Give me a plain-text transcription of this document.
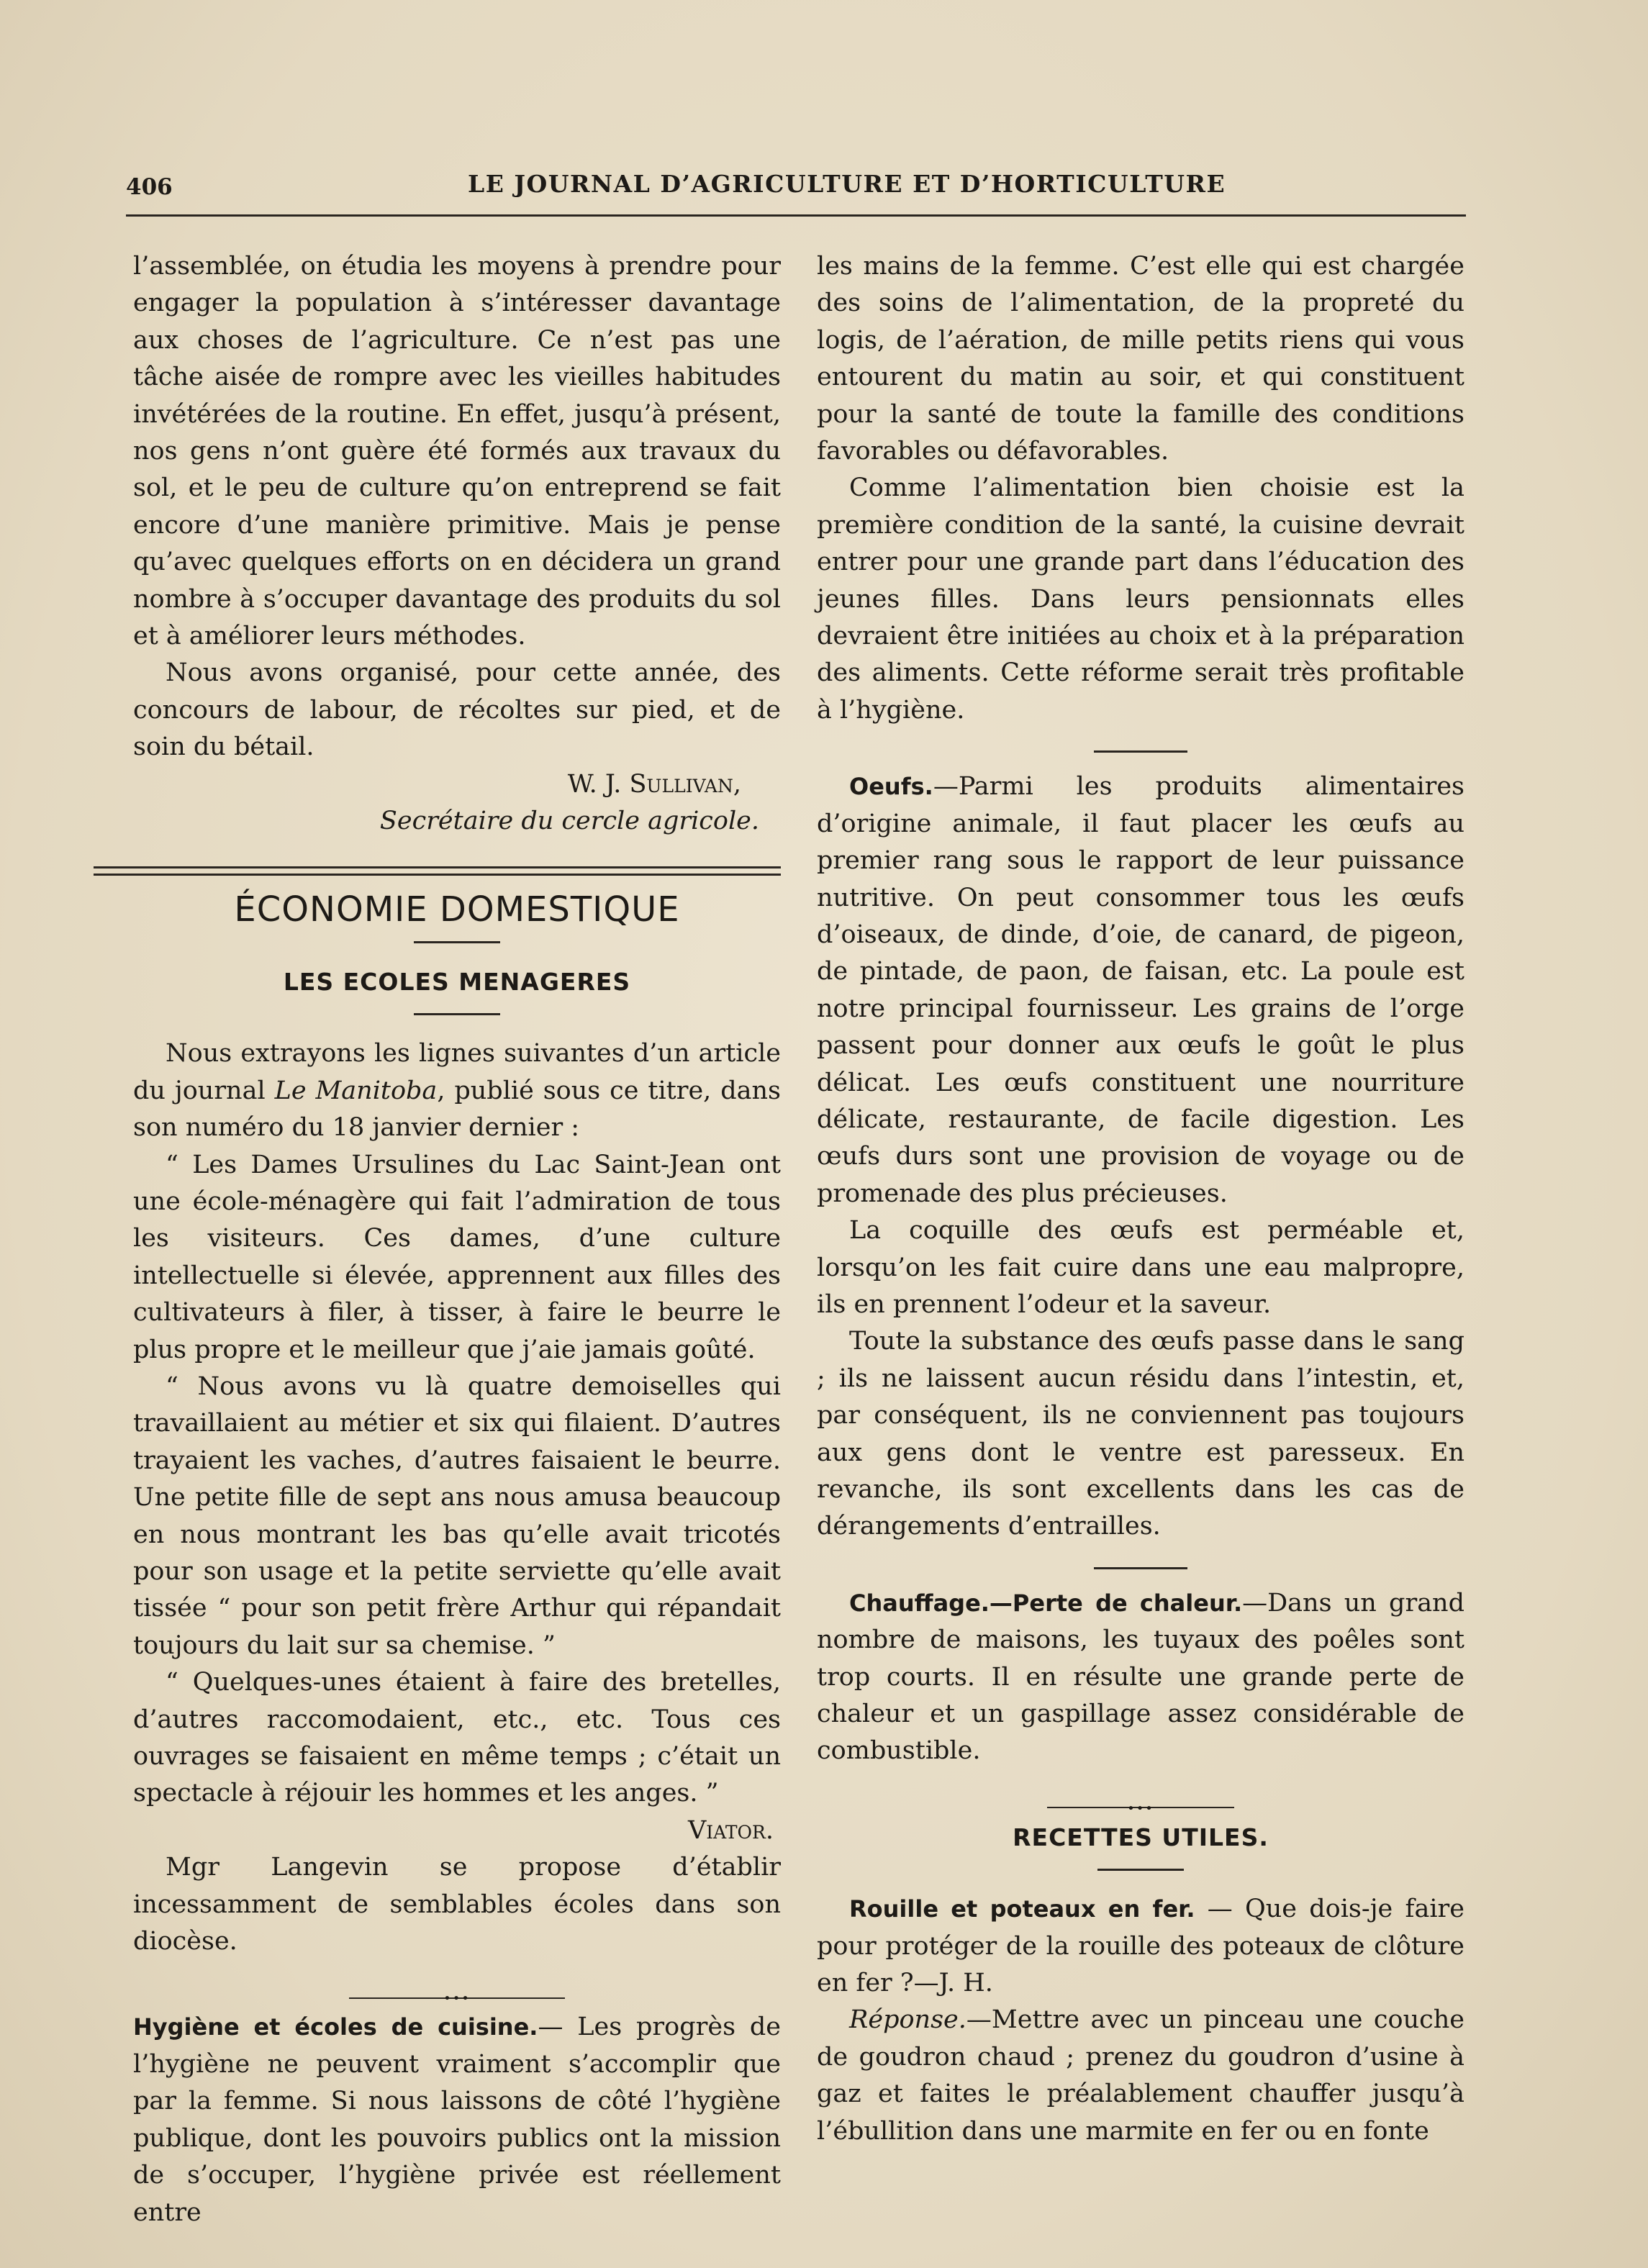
406	LE JOURNAL D’AGRICULTURE ET D’HORTICULTURE

l’assemblée, on étudia les moyens à prendre pour engager la population à s’intéresser davantage aux choses de l’agriculture. Ce n’est pas une tâche aisée de rompre avec les vieilles habitudes invétérées de la routine. En effet, jusqu’à présent, nos gens n’ont guère été formés aux travaux du sol, et le peu de culture qu’on entreprend se fait encore d’une manière primitive. Mais je pense qu’avec quelques efforts on en décidera un grand nombre à s’occuper davantage des produits du sol et à améliorer leurs méthodes.

Nous avons organisé, pour cette année, des concours de labour, de récoltes sur pied, et de soin du bétail.

W. J. Sullivan,
Secrétaire du cercle agricole.
ÉCONOMIE DOMESTIQUE
LES ECOLES MENAGERES

Nous extrayons les lignes suivantes d’un article du journal Le Manitoba, publié sous ce titre, dans son numéro du 18 janvier dernier :

“ Les Dames Ursulines du Lac Saint-Jean ont une école-ménagère qui fait l’admiration de tous les visiteurs. Ces dames, d’une culture intellectuelle si élevée, apprennent aux filles des cultivateurs à filer, à tisser, à faire le beurre le plus propre et le meilleur que j’aie jamais goûté.

“ Nous avons vu là quatre demoiselles qui travaillaient au métier et six qui filaient. D’autres trayaient les vaches, d’autres faisaient le beurre. Une petite fille de sept ans nous amusa beaucoup en nous montrant les bas qu’elle avait tricotés pour son usage et la petite serviette qu’elle avait tissée “ pour son petit frère Arthur qui répandait toujours du lait sur sa chemise. ”

“ Quelques-unes étaient à faire des bretelles, d’autres raccomodaient, etc., etc. Tous ces ouvrages se faisaient en même temps ; c’était un spectacle à réjouir les hommes et les anges. ”

Viator.

Mgr Langevin se propose d’établir incessamment de semblables écoles dans son diocèse.

•••

Hygiène et écoles de cuisine.— Les progrès de l’hygiène ne peuvent vraiment s’accomplir que par la femme. Si nous laissons de côté l’hygiène publique, dont les pouvoirs publics ont la mission de s’occuper, l’hygiène privée est réellement entre

les mains de la femme. C’est elle qui est chargée des soins de l’alimentation, de la propreté du logis, de l’aération, de mille petits riens qui vous entourent du matin au soir, et qui constituent pour la santé de toute la famille des conditions favorables ou défavorables.

Comme l’alimentation bien choisie est la première condition de la santé, la cuisine devrait entrer pour une grande part dans l’éducation des jeunes filles. Dans leurs pensionnats elles devraient être initiées au choix et à la préparation des aliments. Cette réforme serait très profitable à l’hygiène.

Oeufs.—Parmi les produits alimentaires d’origine animale, il faut placer les œufs au premier rang sous le rapport de leur puissance nutritive. On peut consommer tous les œufs d’oiseaux, de dinde, d’oie, de canard, de pigeon, de pintade, de paon, de faisan, etc. La poule est notre principal fournisseur. Les grains de l’orge passent pour donner aux œufs le goût le plus délicat. Les œufs constituent une nourriture délicate, restaurante, de facile digestion. Les œufs durs sont une provision de voyage ou de promenade des plus précieuses.

La coquille des œufs est perméable et, lorsqu’on les fait cuire dans une eau malpropre, ils en prennent l’odeur et la saveur.

Toute la substance des œufs passe dans le sang ; ils ne laissent aucun résidu dans l’intestin, et, par conséquent, ils ne conviennent pas toujours aux gens dont le ventre est paresseux. En revanche, ils sont excellents dans les cas de dérangements d’entrailles.

Chauffage.—Perte de chaleur.—Dans un grand nombre de maisons, les tuyaux des poêles sont trop courts. Il en résulte une grande perte de chaleur et un gaspillage assez considérable de combustible.

•••
RECETTES UTILES.

Rouille et poteaux en fer. — Que dois-je faire pour protéger de la rouille des poteaux de clôture en fer ?—J. H.

Réponse.—Mettre avec un pinceau une couche de goudron chaud ; prenez du goudron d’usine à gaz et faites le préalablement chauffer jusqu’à l’ébullition dans une marmite en fer ou en fonte
